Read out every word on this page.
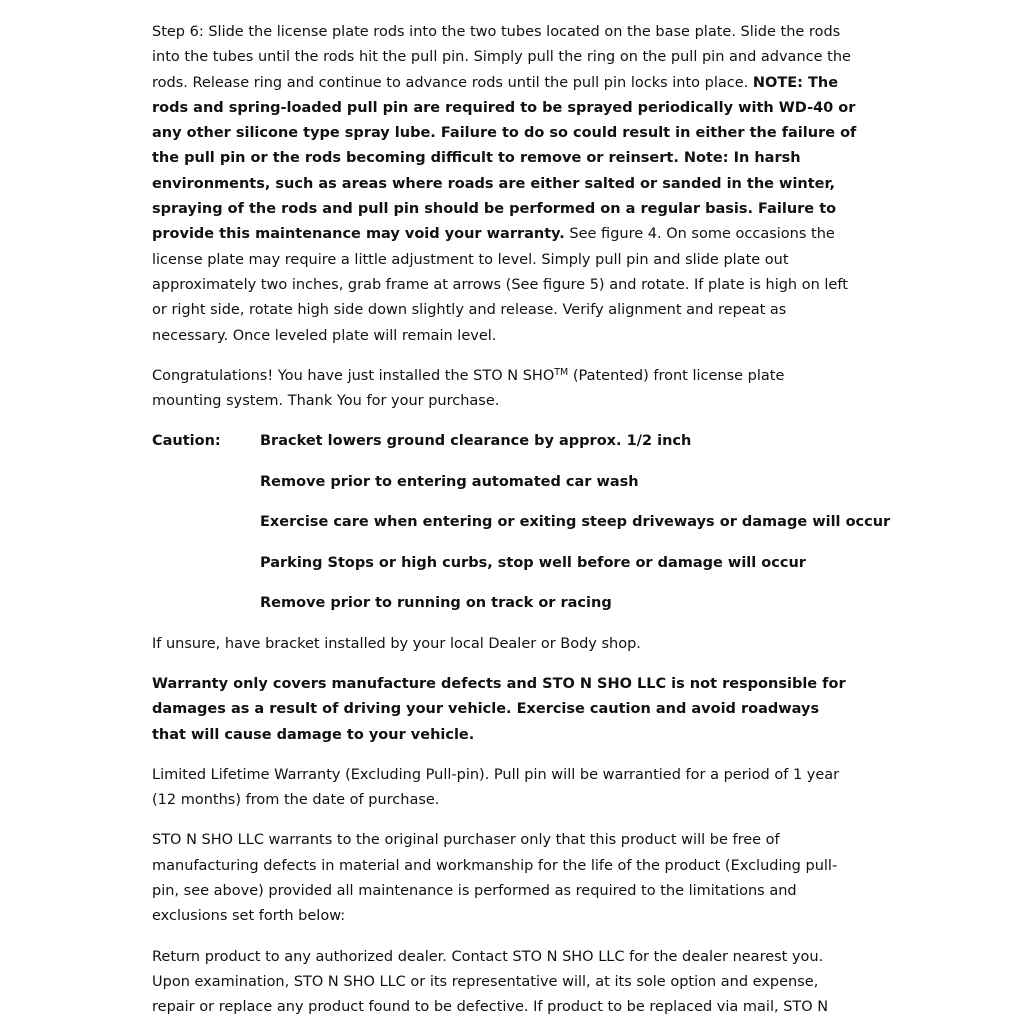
Step 6: Slide the license plate rods into the two tubes located on the base plate. Slide the rods into the tubes until the rods hit the pull pin. Simply pull the ring on the pull pin and advance the rods. Release ring and continue to advance rods until the pull pin locks into place. NOTE: The rods and spring-loaded pull pin are required to be sprayed periodically with WD-40 or any other silicone type spray lube. Failure to do so could result in either the failure of the pull pin or the rods becoming difficult to remove or reinsert. Note: In harsh environments, such as areas where roads are either salted or sanded in the winter, spraying of the rods and pull pin should be performed on a regular basis. Failure to provide this maintenance may void your warranty. See figure 4. On some occasions the license plate may require a little adjustment to level. Simply pull pin and slide plate out approximately two inches, grab frame at arrows (See figure 5) and rotate. If plate is high on left or right side, rotate high side down slightly and release. Verify alignment and repeat as necessary. Once leveled plate will remain level.

Congratulations! You have just installed the STO N SHO™ (Patented) front license plate mounting system. Thank You for your purchase.

Caution:	Bracket lowers ground clearance by approx. 1/2 inch
Remove prior to entering automated car wash
Exercise care when entering or exiting steep driveways or damage will occur
Parking Stops or high curbs, stop well before or damage will occur
Remove prior to running on track or racing

If unsure, have bracket installed by your local Dealer or Body shop.

Warranty only covers manufacture defects and STO N SHO LLC is not responsible for damages as a result of driving your vehicle. Exercise caution and avoid roadways that will cause damage to your vehicle.

Limited Lifetime Warranty (Excluding Pull-pin). Pull pin will be warrantied for a period of 1 year (12 months) from the date of purchase.

STO N SHO LLC warrants to the original purchaser only that this product will be free of manufacturing defects in material and workmanship for the life of the product (Excluding pull-pin, see above) provided all maintenance is performed as required to the limitations and exclusions set forth below:

Return product to any authorized dealer. Contact STO N SHO LLC for the dealer nearest you. Upon examination, STO N SHO LLC or its representative will, at its sole option and expense, repair or replace any product found to be defective. If product to be replaced via mail, STO N
